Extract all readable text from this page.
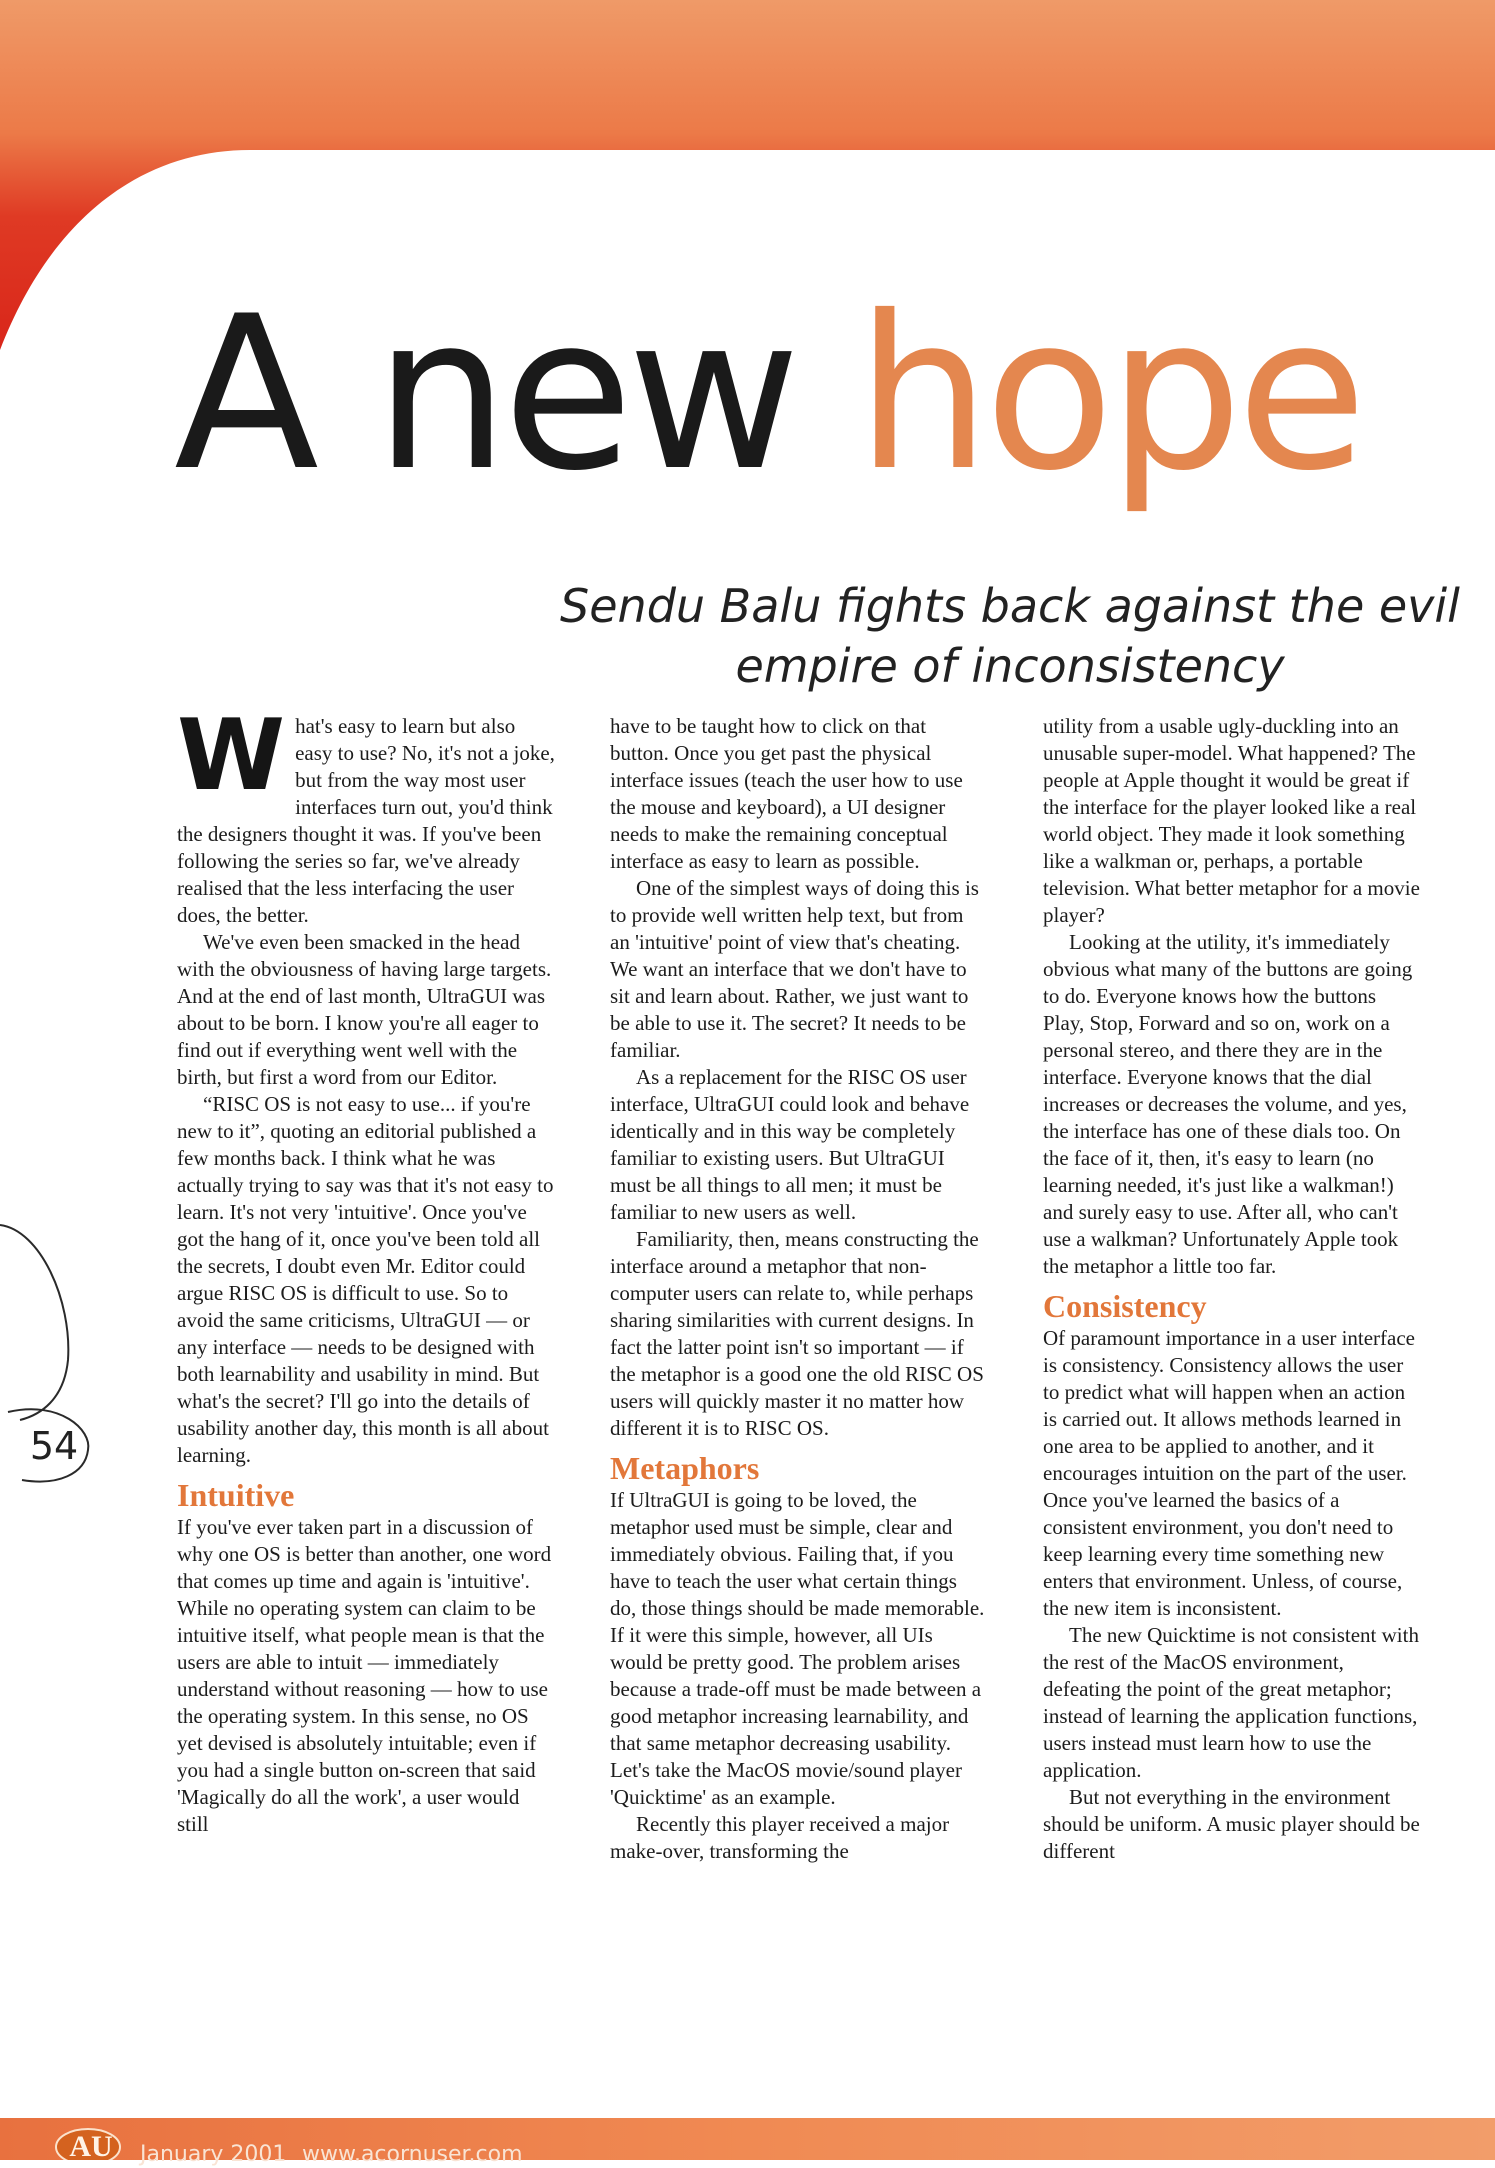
A new hope
Sendu Balu fights back against the evil empire of inconsistency
W hat's easy to learn but also easy to use? No, it's not a joke, but from the way most user interfaces turn out, you'd think the designers thought it was. If you've been following the series so far, we've already realised that the less interfacing the user does, the better.

We've even been smacked in the head with the obviousness of having large targets. And at the end of last month, UltraGUI was about to be born. I know you're all eager to find out if everything went well with the birth, but first a word from our Editor.

“RISC OS is not easy to use... if you're new to it”, quoting an editorial published a few months back. I think what he was actually trying to say was that it's not easy to learn. It's not very 'intuitive'. Once you've got the hang of it, once you've been told all the secrets, I doubt even Mr. Editor could argue RISC OS is difficult to use. So to avoid the same criticisms, UltraGUI — or any interface — needs to be designed with both learnability and usability in mind. But what's the secret? I'll go into the details of usability another day, this month is all about learning.

Intuitive

If you've ever taken part in a discussion of why one OS is better than another, one word that comes up time and again is 'intuitive'. While no operating system can claim to be intuitive itself, what people mean is that the users are able to intuit — immediately understand without reasoning — how to use the operating system. In this sense, no OS yet devised is absolutely intuitable; even if you had a single button on-screen that said 'Magically do all the work', a user would still

have to be taught how to click on that button. Once you get past the physical interface issues (teach the user how to use the mouse and keyboard), a UI designer needs to make the remaining conceptual interface as easy to learn as possible.

One of the simplest ways of doing this is to provide well written help text, but from an 'intuitive' point of view that's cheating. We want an interface that we don't have to sit and learn about. Rather, we just want to be able to use it. The secret? It needs to be familiar.

As a replacement for the RISC OS user interface, UltraGUI could look and behave identically and in this way be completely familiar to existing users. But UltraGUI must be all things to all men; it must be familiar to new users as well.

Familiarity, then, means constructing the interface around a metaphor that non-computer users can relate to, while perhaps sharing similarities with current designs. In fact the latter point isn't so important — if the metaphor is a good one the old RISC OS users will quickly master it no matter how different it is to RISC OS.

Metaphors

If UltraGUI is going to be loved, the metaphor used must be simple, clear and immediately obvious. Failing that, if you have to teach the user what certain things do, those things should be made memorable. If it were this simple, however, all UIs would be pretty good. The problem arises because a trade-off must be made between a good metaphor increasing learnability, and that same metaphor decreasing usability. Let's take the MacOS movie/sound player 'Quicktime' as an example.

Recently this player received a major make-over, transforming the

utility from a usable ugly-duckling into an unusable super-model. What happened? The people at Apple thought it would be great if the interface for the player looked like a real world object. They made it look something like a walkman or, perhaps, a portable television. What better metaphor for a movie player?

Looking at the utility, it's immediately obvious what many of the buttons are going to do. Everyone knows how the buttons Play, Stop, Forward and so on, work on a personal stereo, and there they are in the interface. Everyone knows that the dial increases or decreases the volume, and yes, the interface has one of these dials too. On the face of it, then, it's easy to learn (no learning needed, it's just like a walkman!) and surely easy to use. After all, who can't use a walkman? Unfortunately Apple took the metaphor a little too far.

Consistency

Of paramount importance in a user interface is consistency. Consistency allows the user to predict what will happen when an action is carried out. It allows methods learned in one area to be applied to another, and it encourages intuition on the part of the user. Once you've learned the basics of a consistent environment, you don't need to keep learning every time something new enters that environment. Unless, of course, the new item is inconsistent.

The new Quicktime is not consistent with the rest of the MacOS environment, defeating the point of the great metaphor; instead of learning the application functions, users instead must learn how to use the application.

But not everything in the environment should be uniform. A music player should be different

54
AU	January 2001 www.acornuser.com
